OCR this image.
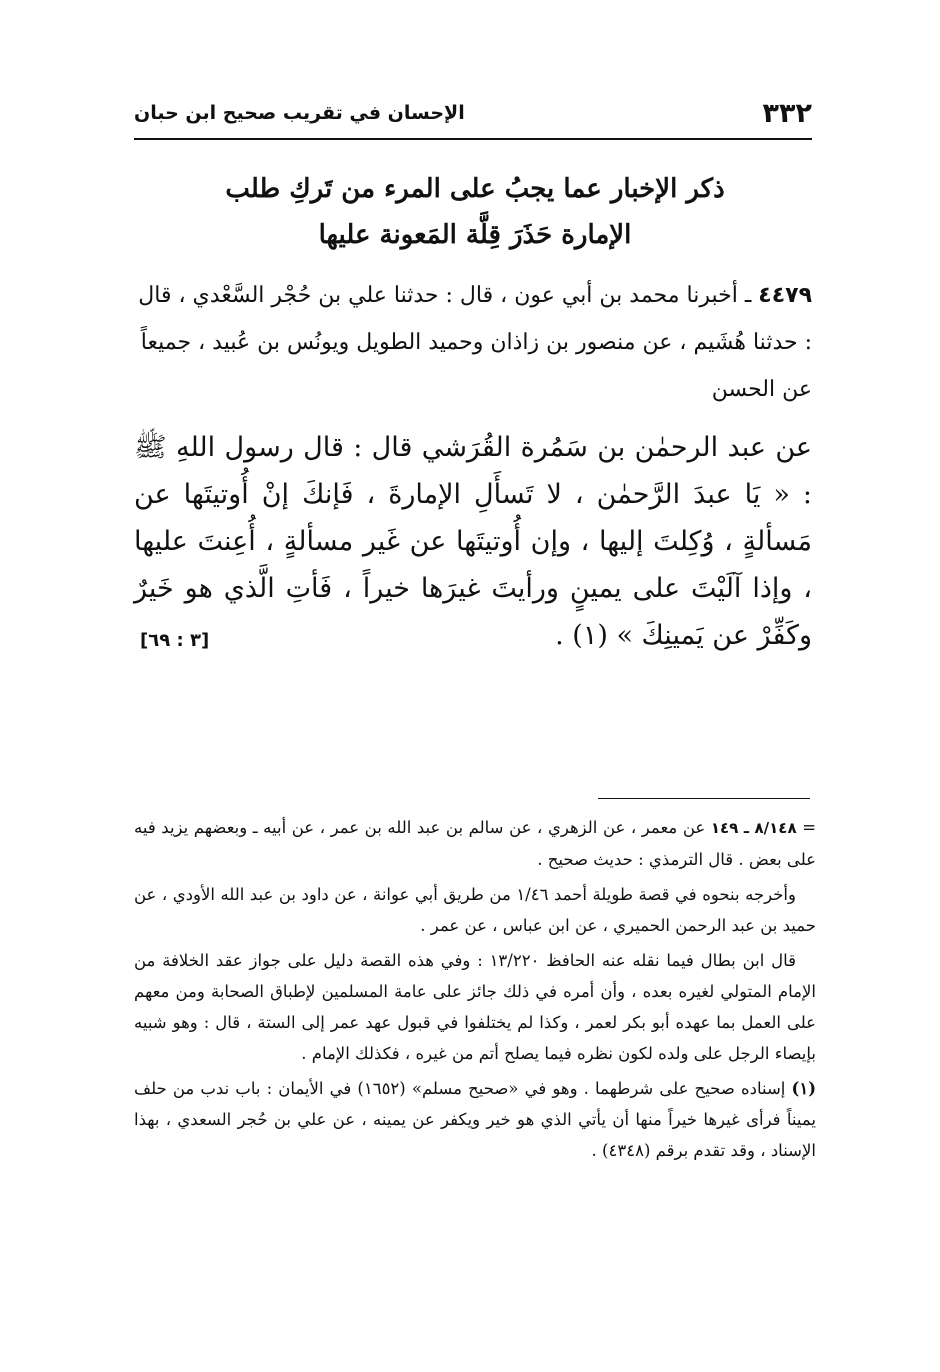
٣٣٢
الإحسان في تقريب صحيح ابن حبان
ذكر الإخبار عما يجبُ على المرء من تَركِ طلب
الإمارة حَذَرَ قِلَّة المَعونة عليها
٤٤٧٩ ـ أخبرنا محمد بن أبي عون ، قال : حدثنا علي بن حُجْر السَّعْدي ، قال : حدثنا هُشَيم ، عن منصور بن زاذان وحميد الطويل ويونُس بن عُبيد ، جميعاً عن الحسن
عن عبد الرحمٰن بن سَمُرة القُرَشي قال : قال رسول اللهِ ﷺ : « يَا عبدَ الرَّحمٰن ، لا تَسأَلِ الإمارةَ ، فَإنكَ إنْ أُوتيتَها عن مَسألةٍ ، وُكِلتَ إليها ، وإن أُوتيتَها عن غَير مسألةٍ ، أُعِنتَ عليها ، وإذا آلَيْتَ على يمينٍ ورأيتَ غيرَها خيراً ، فَأتِ الَّذي هو خَيرٌ وكَفِّرْ عن يَمينِكَ » (١) .
[٣ : ٦٩]

= ٨/١٤٨ ـ ١٤٩ عن معمر ، عن الزهري ، عن سالم بن عبد الله بن عمر ، عن أبيه ـ وبعضهم يزيد فيه على بعض . قال الترمذي : حديث صحيح .

وأخرجه بنحوه في قصة طويلة أحمد ١/٤٦ من طريق أبي عوانة ، عن داود بن عبد الله الأودي ، عن حميد بن عبد الرحمن الحميري ، عن ابن عباس ، عن عمر .

قال ابن بطال فيما نقله عنه الحافظ ١٣/٢٢٠ : وفي هذه القصة دليل على جواز عقد الخلافة من الإمام المتولي لغيره بعده ، وأن أمره في ذلك جائز على عامة المسلمين لإطباق الصحابة ومن معهم على العمل بما عهده أبو بكر لعمر ، وكذا لم يختلفوا في قبول عهد عمر إلى الستة ، قال : وهو شبيه بإيصاء الرجل على ولده لكون نظره فيما يصلح أتم من غيره ، فكذلك الإمام .

(١) إسناده صحيح على شرطهما . وهو في «صحيح مسلم» (١٦٥٢) في الأيمان : باب ندب من حلف يميناً فرأى غيرها خيراً منها أن يأتي الذي هو خير ويكفر عن يمينه ، عن علي بن حُجر السعدي ، بهذا الإسناد ، وقد تقدم برقم (٤٣٤٨) .
